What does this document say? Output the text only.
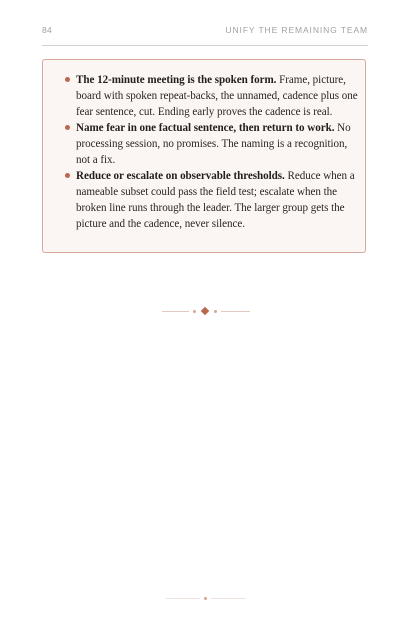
84	UNIFY THE REMAINING TEAM
The 12-minute meeting is the spoken form. Frame, picture, board with spoken repeat-backs, the unnamed, cadence plus one fear sentence, cut. Ending early proves the cadence is real.
Name fear in one factual sentence, then return to work. No processing session, no promises. The naming is a recognition, not a fix.
Reduce or escalate on observable thresholds. Reduce when a nameable subset could pass the field test; escalate when the broken line runs through the leader. The larger group gets the picture and the cadence, never silence.
